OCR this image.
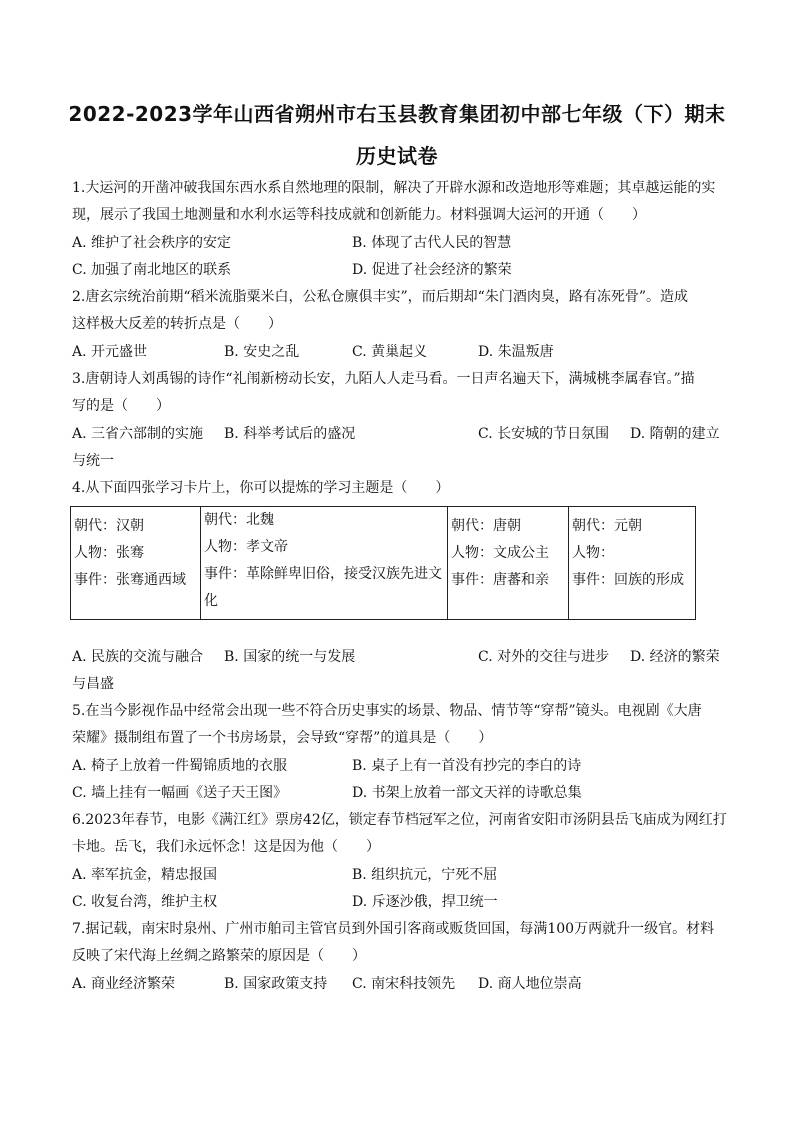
2022-2023学年山西省朔州市右玉县教育集团初中部七年级（下）期末
历史试卷
1.大运河的开凿冲破我国东西水系自然地理的限制，解决了开辟水源和改造地形等难题；其卓越运能的实
现，展示了我国土地测量和水利水运等科技成就和创新能力。材料强调大运河的开通（　　）
A. 维护了社会秩序的安定	B. 体现了古代人民的智慧
C. 加强了南北地区的联系	D. 促进了社会经济的繁荣
2.唐玄宗统治前期“稻米流脂粟米白，公私仓廪俱丰实”，而后期却“朱门酒肉臭，路有冻死骨”。造成
这样极大反差的转折点是（　　）
A. 开元盛世	B. 安史之乱	C. 黄巢起义	D. 朱温叛唐
3.唐朝诗人刘禹锡的诗作“礼闱新榜动长安，九陌人人走马看。一日声名遍天下，满城桃李属春官。”描
写的是（　　）
A. 三省六部制的实施 B. 科举考试后的盛况	C. 长安城的节日氛围 D. 隋朝的建立
与统一
4.从下面四张学习卡片上，你可以提炼的学习主题是（　　）
朝代：汉朝
人物：张骞
事件：张骞通西域

朝代：北魏
人物：孝文帝
事件：革除鲜卑旧俗，接受汉族先进文
化

朝代：唐朝
人物：文成公主
事件：唐蕃和亲

朝代：元朝
人物：
事件：回族的形成
A. 民族的交流与融合 B. 国家的统一与发展	C. 对外的交往与进步 D. 经济的繁荣
与昌盛
5.在当今影视作品中经常会出现一些不符合历史事实的场景、物品、情节等“穿帮”镜头。电视剧《大唐
荣耀》摄制组布置了一个书房场景，会导致“穿帮”的道具是（　　）
A. 椅子上放着一件蜀锦质地的衣服	B. 桌子上有一首没有抄完的李白的诗
C. 墙上挂有一幅画《送子天王图》	D. 书架上放着一部文天祥的诗歌总集
6.2023年春节，电影《满江红》票房42亿，锁定春节档冠军之位，河南省安阳市汤阴县岳飞庙成为网红打
卡地。岳飞，我们永远怀念！这是因为他（　　）
A. 率军抗金，精忠报国	B. 组织抗元，宁死不屈
C. 收复台湾，维护主权	D. 斥逐沙俄，捍卫统一
7.据记载，南宋时泉州、广州市舶司主管官员到外国引客商或贩货回国，每满100万两就升一级官。材料
反映了宋代海上丝绸之路繁荣的原因是（　　）
A. 商业经济繁荣	B. 国家政策支持 C. 南宋科技领先 D. 商人地位崇高
